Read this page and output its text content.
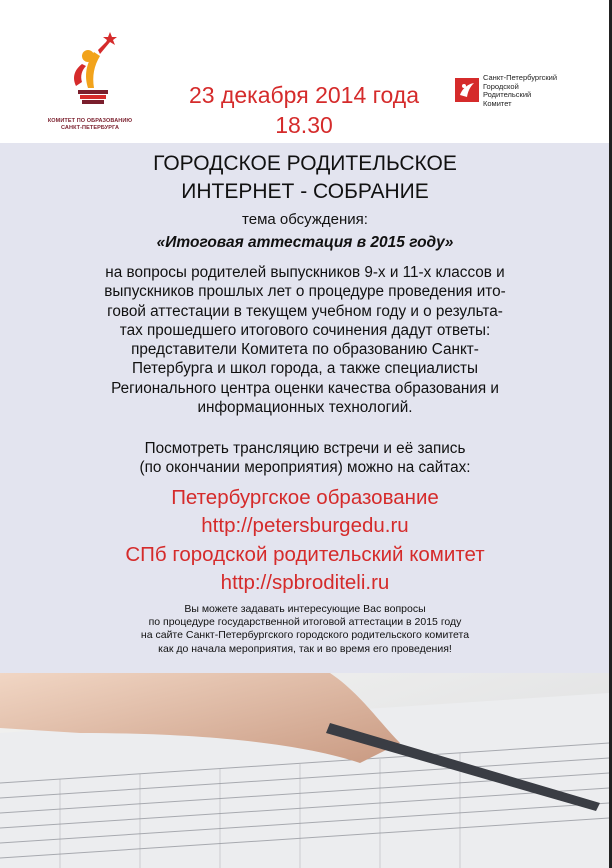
КОМИТЕТ ПО ОБРАЗОВАНИЮ
САНКТ-ПЕТЕРБУРГА
23 декабря 2014 года
18.30
Санкт-Петербургский
Городской
Родительский
Комитет
ГОРОДСКОЕ РОДИТЕЛЬСКОЕ
ИНТЕРНЕТ - СОБРАНИЕ
тема обсуждения:
«Итоговая аттестация в 2015 году»
на вопросы родителей выпускников 9-х и 11-х классов и
выпускников прошлых лет о процедуре проведения ито-
говой аттестации в текущем учебном году и о результа-
тах прошедшего итогового сочинения дадут ответы:
представители Комитета по образованию Санкт-
Петербурга и школ города, а также специалисты
Регионального центра оценки качества образования и
информационных технологий.
Посмотреть трансляцию встречи и её запись
(по окончании мероприятия) можно на сайтах:
Петербургское образование
http://petersburgedu.ru
СПб городской родительский комитет
http://spbroditeli.ru
Вы можете задавать интересующие Вас вопросы
по процедуре государственной итоговой аттестации в 2015 году
на сайте Санкт-Петербургского городского родительского комитета
как до начала мероприятия, так и во время его проведения!
